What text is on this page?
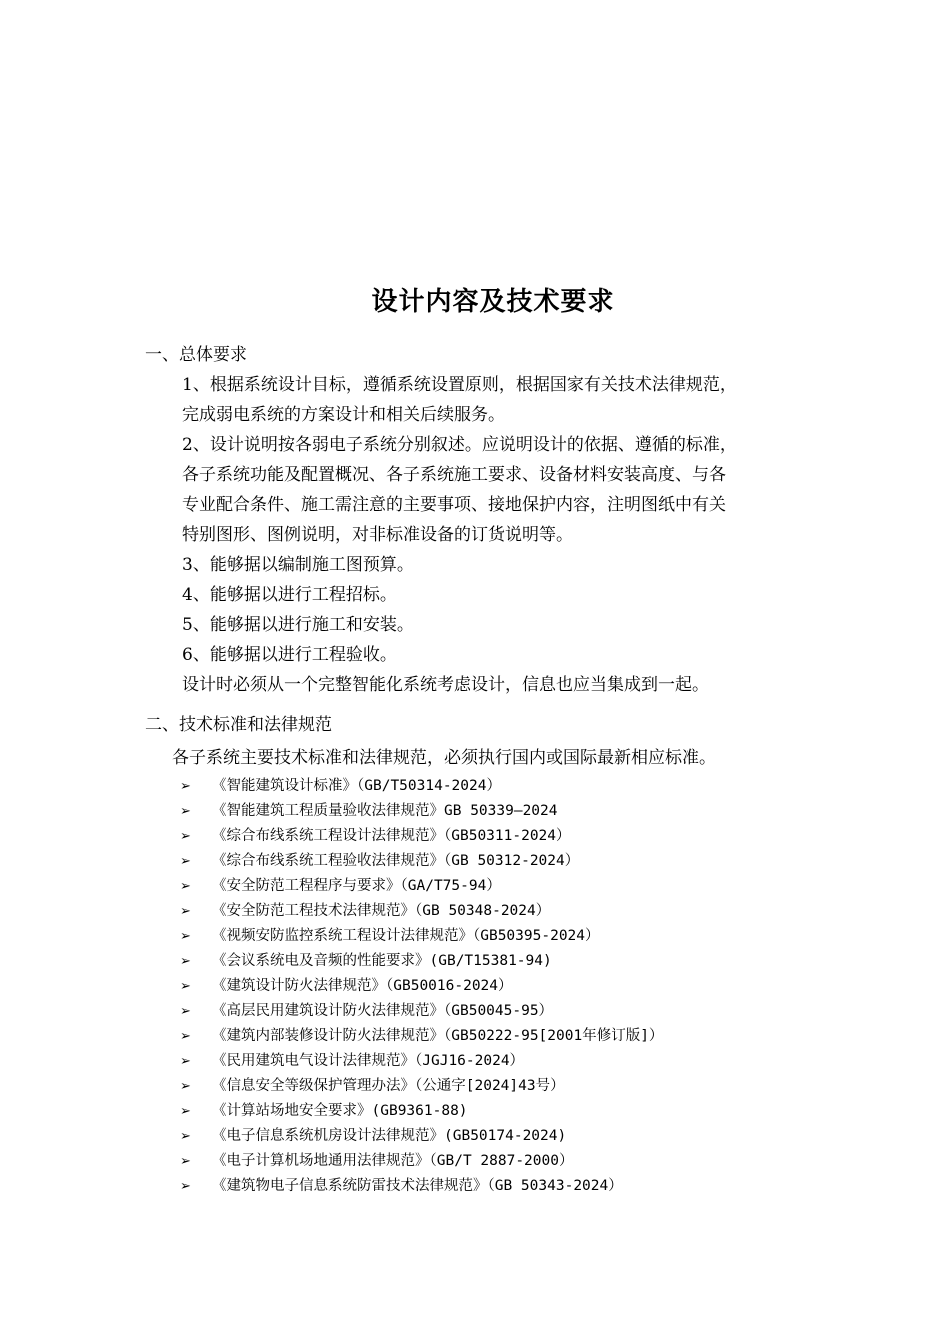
设计内容及技术要求
一、总体要求

1、根据系统设计目标，遵循系统设置原则，根据国家有关技术法律规范，

完成弱电系统的方案设计和相关后续服务。

2、设计说明按各弱电子系统分别叙述。应说明设计的依据、遵循的标准，

各子系统功能及配置概况、各子系统施工要求、设备材料安装高度、与各

专业配合条件、施工需注意的主要事项、接地保护内容，注明图纸中有关

特别图形、图例说明，对非标准设备的订货说明等。

3、能够据以编制施工图预算。

4、能够据以进行工程招标。

5、能够据以进行施工和安装。

6、能够据以进行工程验收。

设计时必须从一个完整智能化系统考虑设计，信息也应当集成到一起。

二、技术标准和法律规范
各子系统主要技术标准和法律规范，必须执行国内或国际最新相应标准。
➢ 《智能建筑设计标准》（GB/T50314-2024）
➢ 《智能建筑工程质量验收法律规范》GB 50339—2024
➢ 《综合布线系统工程设计法律规范》（GB50311-2024）
➢ 《综合布线系统工程验收法律规范》（GB 50312-2024）
➢ 《安全防范工程程序与要求》（GA/T75-94）
➢ 《安全防范工程技术法律规范》（GB 50348-2024）
➢ 《视频安防监控系统工程设计法律规范》（GB50395-2024）
➢ 《会议系统电及音频的性能要求》(GB/T15381-94)
➢ 《建筑设计防火法律规范》（GB50016-2024）
➢ 《高层民用建筑设计防火法律规范》（GB50045-95）
➢ 《建筑内部装修设计防火法律规范》（GB50222-95[2001年修订版]）
➢ 《民用建筑电气设计法律规范》（JGJ16-2024）
➢ 《信息安全等级保护管理办法》（公通字[2024]43号）
➢ 《计算站场地安全要求》(GB9361-88)
➢ 《电子信息系统机房设计法律规范》(GB50174-2024)
➢ 《电子计算机场地通用法律规范》（GB/T 2887-2000）
➢ 《建筑物电子信息系统防雷技术法律规范》（GB 50343-2024）
